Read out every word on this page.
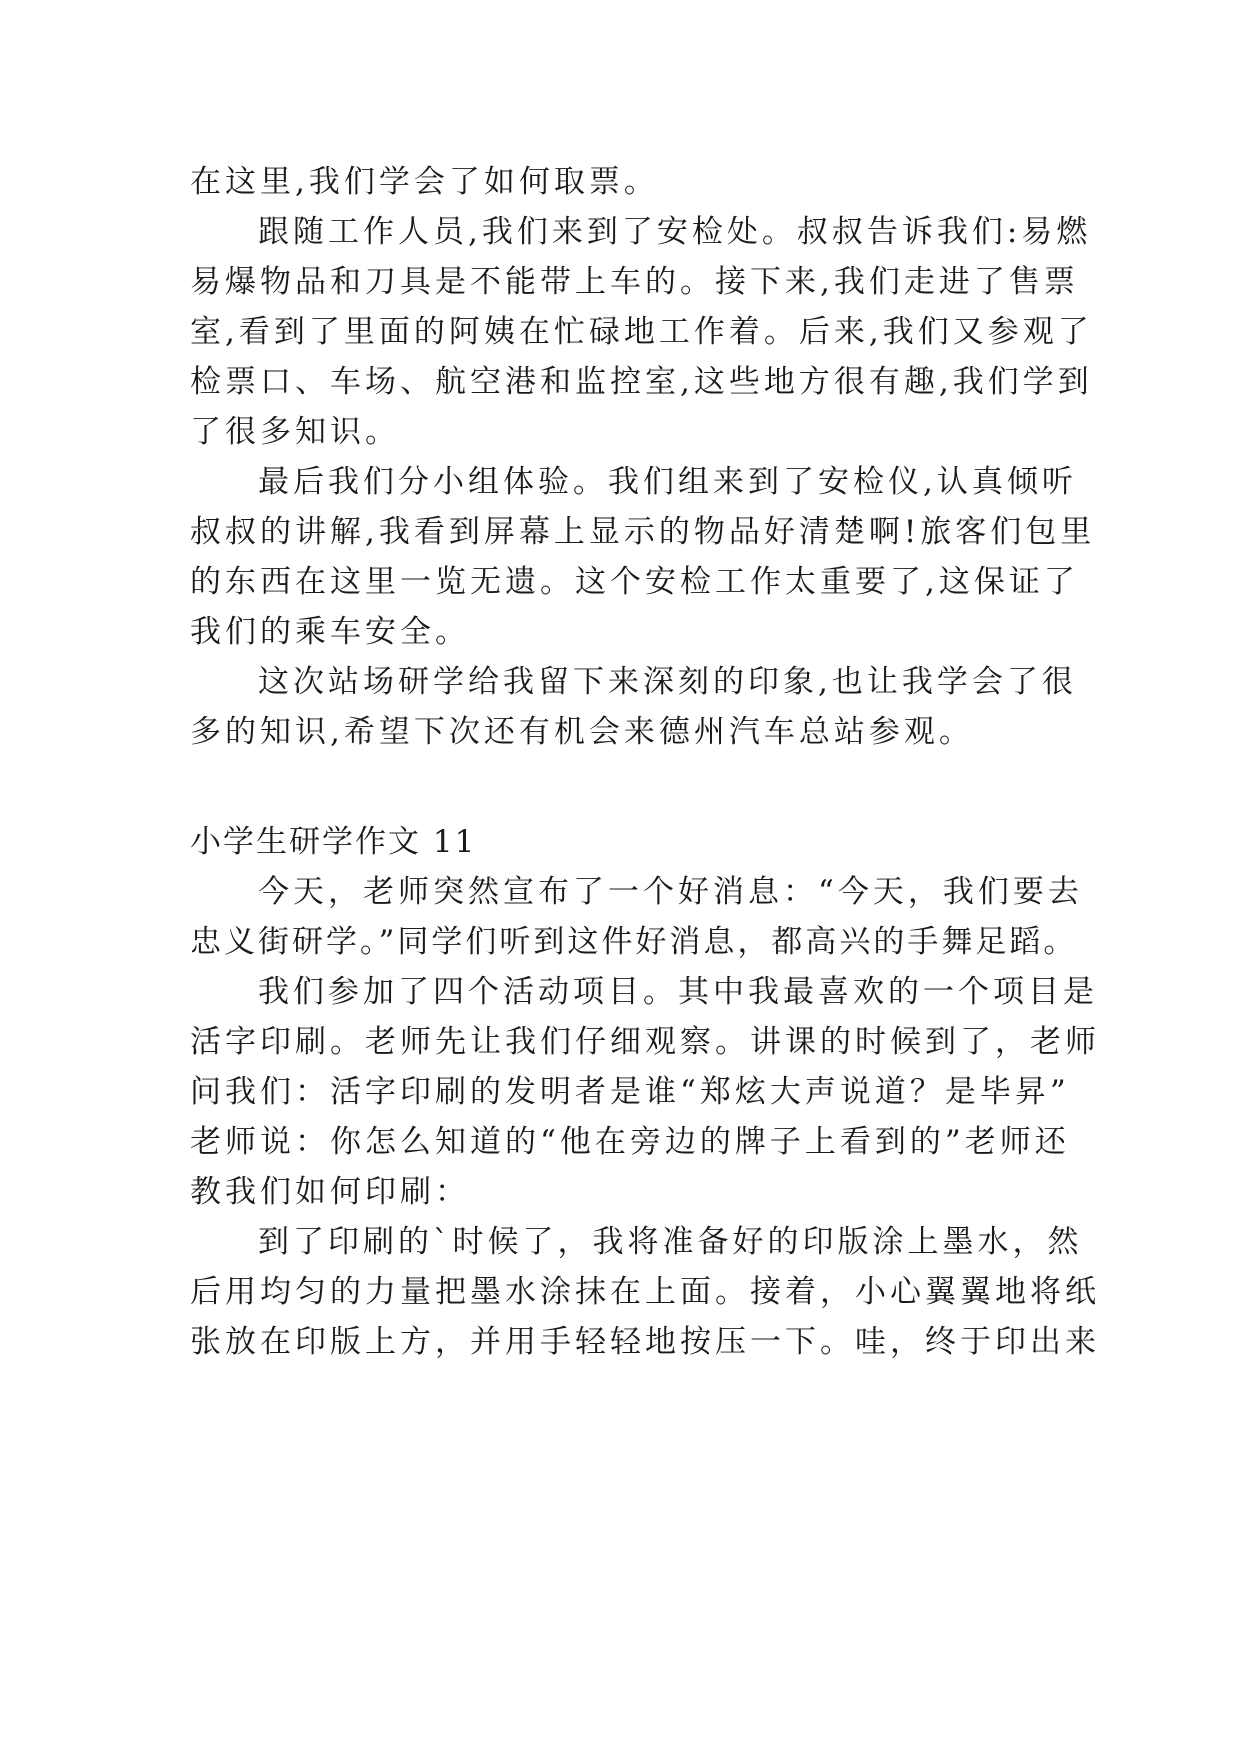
在这里,我们学会了如何取票。
跟随工作人员,我们来到了安检处。叔叔告诉我们:易燃
易爆物品和刀具是不能带上车的。接下来,我们走进了售票
室,看到了里面的阿姨在忙碌地工作着。后来,我们又参观了
检票口、车场、航空港和监控室,这些地方很有趣,我们学到
了很多知识。
最后我们分小组体验。我们组来到了安检仪,认真倾听
叔叔的讲解,我看到屏幕上显示的物品好清楚啊!旅客们包里
的东西在这里一览无遗。这个安检工作太重要了,这保证了
我们的乘车安全。
这次站场研学给我留下来深刻的印象,也让我学会了很
多的知识,希望下次还有机会来德州汽车总站参观。
小学生研学作文 11
今天，老师突然宣布了一个好消息：“今天，我们要去
忠义街研学。”同学们听到这件好消息，都高兴的手舞足蹈。
我们参加了四个活动项目。其中我最喜欢的一个项目是
活字印刷。老师先让我们仔细观察。讲课的时候到了，老师
问我们：活字印刷的发明者是谁“郑炫大声说道？是毕昇”
老师说：你怎么知道的“他在旁边的牌子上看到的”老师还
教我们如何印刷：
到了印刷的`时候了，我将准备好的印版涂上墨水，然
后用均匀的力量把墨水涂抹在上面。接着，小心翼翼地将纸
张放在印版上方，并用手轻轻地按压一下。哇，终于印出来
